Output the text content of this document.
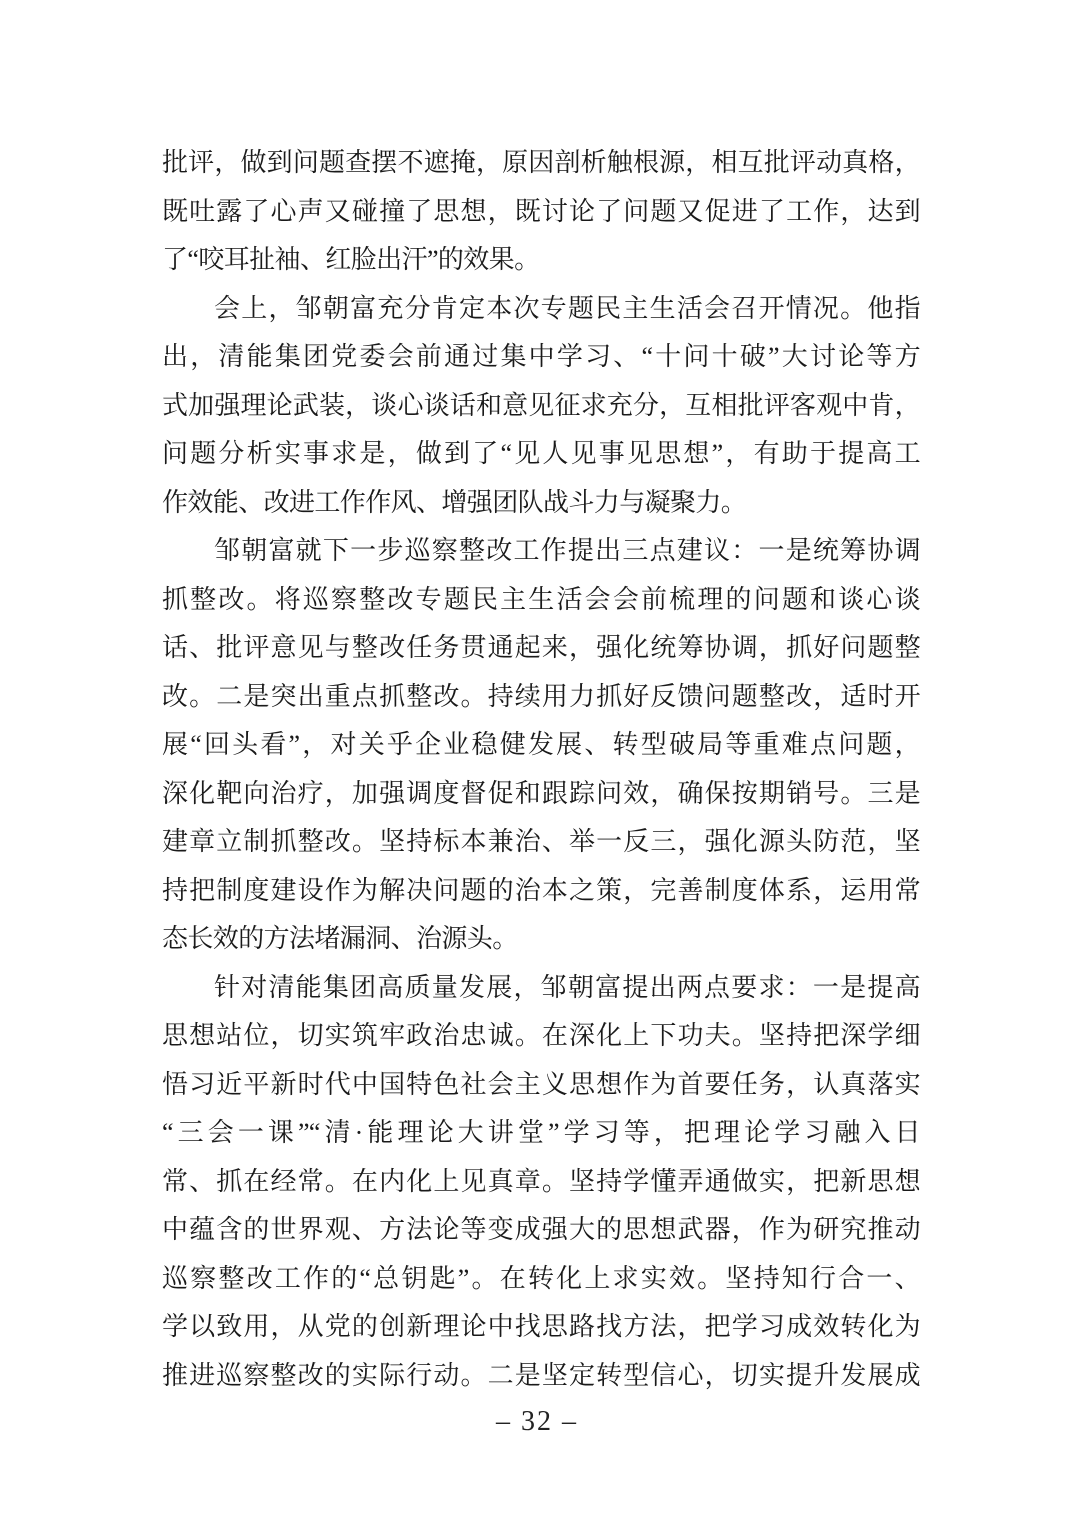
批评，做到问题查摆不遮掩，原因剖析触根源，相互批评动真格，
既吐露了心声又碰撞了思想，既讨论了问题又促进了工作，达到
了“咬耳扯袖、红脸出汗”的效果。

会上，邹朝富充分肯定本次专题民主生活会召开情况。他指
出，清能集团党委会前通过集中学习、“十问十破”大讨论等方
式加强理论武装，谈心谈话和意见征求充分，互相批评客观中肯，
问题分析实事求是，做到了“见人见事见思想”，有助于提高工
作效能、改进工作作风、增强团队战斗力与凝聚力。

邹朝富就下一步巡察整改工作提出三点建议：一是统筹协调
抓整改。将巡察整改专题民主生活会会前梳理的问题和谈心谈
话、批评意见与整改任务贯通起来，强化统筹协调，抓好问题整
改。二是突出重点抓整改。持续用力抓好反馈问题整改，适时开
展“回头看”，对关乎企业稳健发展、转型破局等重难点问题，
深化靶向治疗，加强调度督促和跟踪问效，确保按期销号。三是
建章立制抓整改。坚持标本兼治、举一反三，强化源头防范，坚
持把制度建设作为解决问题的治本之策，完善制度体系，运用常
态长效的方法堵漏洞、治源头。

针对清能集团高质量发展，邹朝富提出两点要求：一是提高
思想站位，切实筑牢政治忠诚。在深化上下功夫。坚持把深学细
悟习近平新时代中国特色社会主义思想作为首要任务，认真落实
“三会一课”“清·能理论大讲堂”学习等，把理论学习融入日
常、抓在经常。在内化上见真章。坚持学懂弄通做实，把新思想
中蕴含的世界观、方法论等变成强大的思想武器，作为研究推动
巡察整改工作的“总钥匙”。在转化上求实效。坚持知行合一、
学以致用，从党的创新理论中找思路找方法，把学习成效转化为
推进巡察整改的实际行动。二是坚定转型信心，切实提升发展成

– 32 –
